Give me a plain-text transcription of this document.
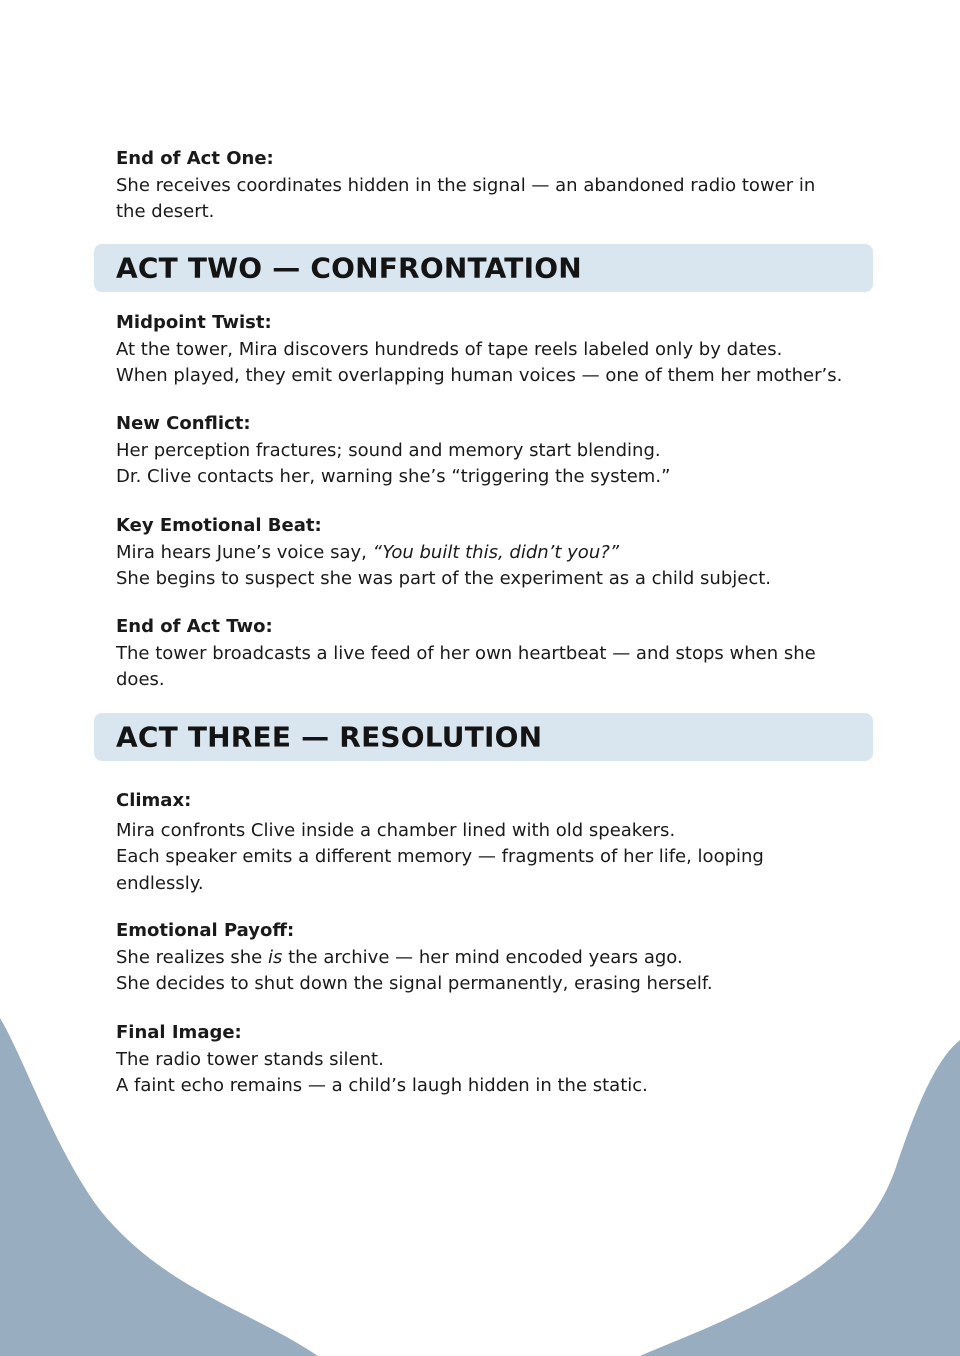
End of Act One:
She receives coordinates hidden in the signal — an abandoned radio tower in the desert.
ACT TWO — CONFRONTATION
Midpoint Twist:
At the tower, Mira discovers hundreds of tape reels labeled only by dates.
When played, they emit overlapping human voices — one of them her mother’s.
New Conflict:
Her perception fractures; sound and memory start blending.
Dr. Clive contacts her, warning she’s “triggering the system.”
Key Emotional Beat:
Mira hears June’s voice say, “You built this, didn’t you?”
She begins to suspect she was part of the experiment as a child subject.
End of Act Two:
The tower broadcasts a live feed of her own heartbeat — and stops when she does.
ACT THREE — RESOLUTION
Climax:
Mira confronts Clive inside a chamber lined with old speakers.
Each speaker emits a different memory — fragments of her life, looping endlessly.
Emotional Payoff:
She realizes she is the archive — her mind encoded years ago.
She decides to shut down the signal permanently, erasing herself.
Final Image:
The radio tower stands silent.
A faint echo remains — a child’s laugh hidden in the static.
